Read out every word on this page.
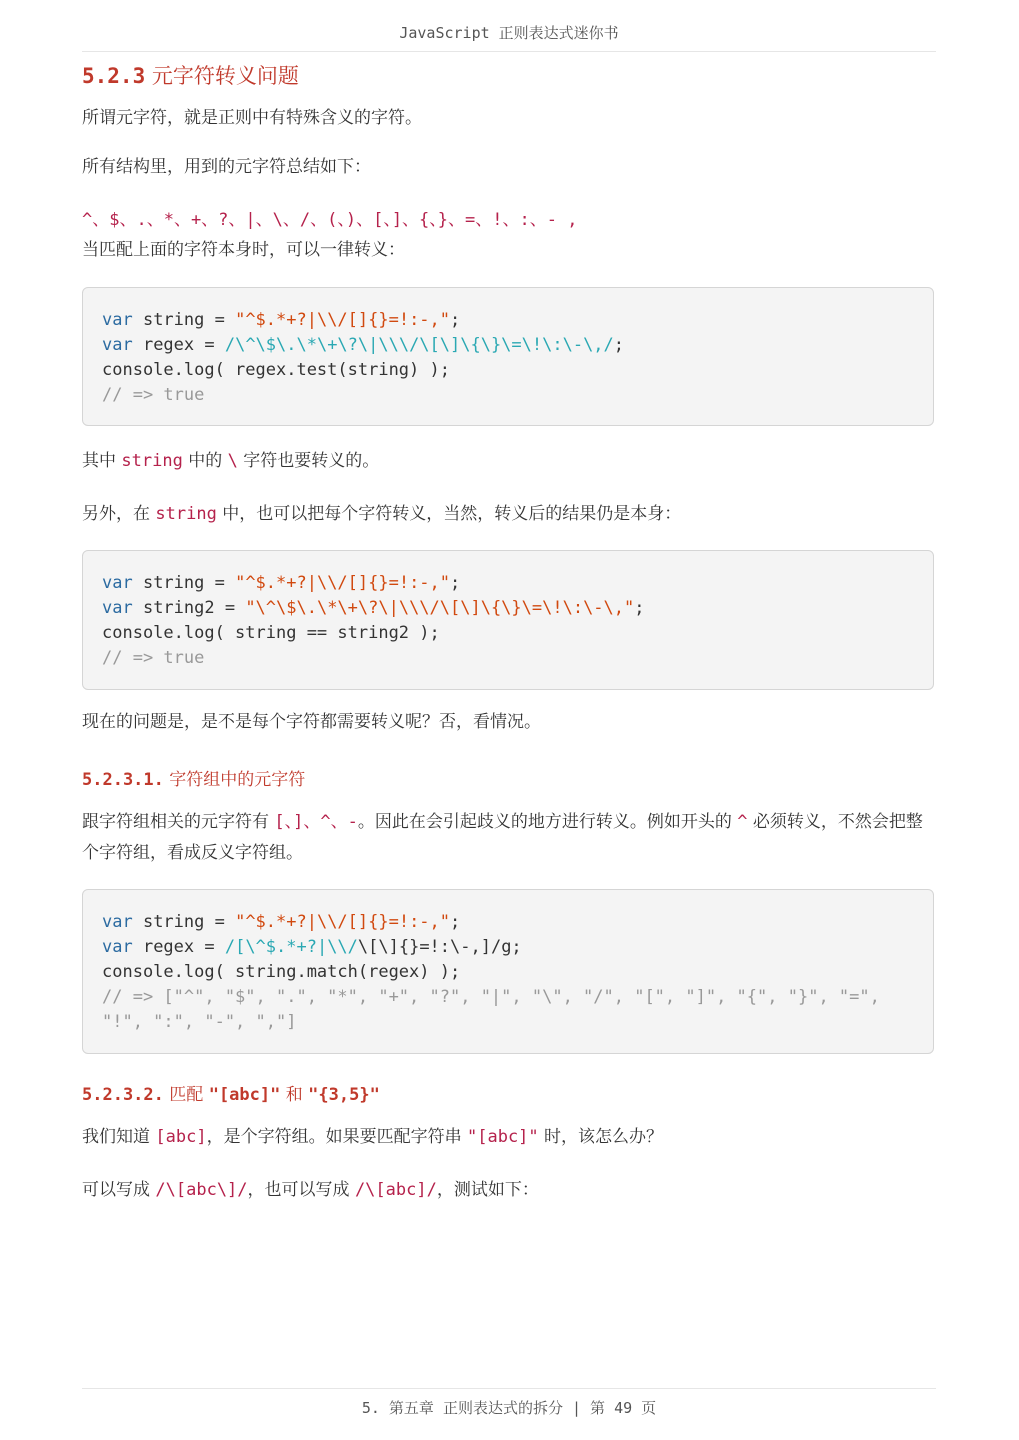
JavaScript 正则表达式迷你书
5.2.3 元字符转义问题

所谓元字符，就是正则中有特殊含义的字符。

所有结构里，用到的元字符总结如下：

^、$、.、*、+、?、|、\、/、(、)、[、]、{、}、=、!、:、- ,

当匹配上面的字符本身时，可以一律转义：

var string = "^$.*+?|\\/[]{}=!:-,";
var regex = /\^\$\.\*\+\?\|\\\/\[\]\{\}\=\!\:\-\,/;
console.log( regex.test(string) );
// => true

其中 string 中的 \ 字符也要转义的。

另外，在 string 中，也可以把每个字符转义，当然，转义后的结果仍是本身：

var string = "^$.*+?|\\/[]{}=!:-,";
var string2 = "\^\$\.\*\+\?\|\\\/\[\]\{\}\=\!\:\-\,";
console.log( string == string2 );
// => true

现在的问题是，是不是每个字符都需要转义呢？否，看情况。

5.2.3.1. 字符组中的元字符

跟字符组相关的元字符有 [、]、^、-。因此在会引起歧义的地方进行转义。例如开头的 ^ 必须转义，不然会把整个字符组，看成反义字符组。

var string = "^$.*+?|\\/[]{}=!:-,";
var regex = /[\^$.*+?|\\/\[\]{}=!:\-,]/g;
console.log( string.match(regex) );
// => ["^", "$", ".", "*", "+", "?", "|", "\", "/", "[", "]", "{", "}", "=", "!", ":", "-", ","]
5.2.3.2. 匹配 "[abc]" 和 "{3,5}"

我们知道 [abc]，是个字符组。如果要匹配字符串 "[abc]" 时，该怎么办？

可以写成 /\[abc\]/，也可以写成 /\[abc]/，测试如下：

5. 第五章 正则表达式的拆分 | 第 49 页
